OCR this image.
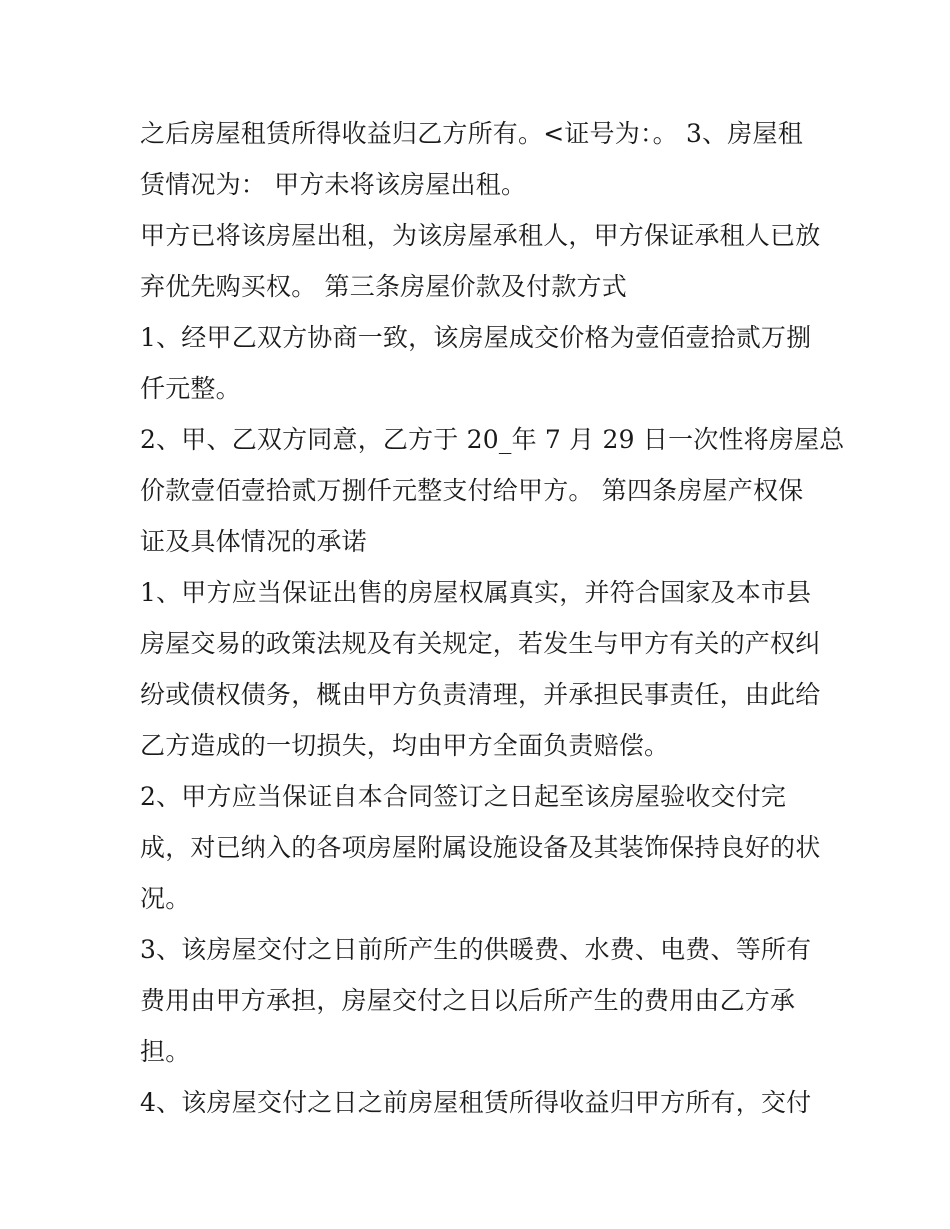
之后房屋租赁所得收益归乙方所有。<证号为：。 3、房屋租
赁情况为： 甲方未将该房屋出租。
甲方已将该房屋出租，为该房屋承租人，甲方保证承租人已放
弃优先购买权。 第三条房屋价款及付款方式
1、经甲乙双方协商一致，该房屋成交价格为壹佰壹拾贰万捌
仟元整。
2、甲、乙双方同意，乙方于 20_年 7 月 29 日一次性将房屋总
价款壹佰壹拾贰万捌仟元整支付给甲方。 第四条房屋产权保
证及具体情况的承诺
1、甲方应当保证出售的房屋权属真实，并符合国家及本市县
房屋交易的政策法规及有关规定，若发生与甲方有关的产权纠
纷或债权债务，概由甲方负责清理，并承担民事责任，由此给
乙方造成的一切损失，均由甲方全面负责赔偿。
2、甲方应当保证自本合同签订之日起至该房屋验收交付完
成，对已纳入的各项房屋附属设施设备及其装饰保持良好的状
况。
3、该房屋交付之日前所产生的供暖费、水费、电费、等所有
费用由甲方承担，房屋交付之日以后所产生的费用由乙方承
担。
4、该房屋交付之日之前房屋租赁所得收益归甲方所有，交付
